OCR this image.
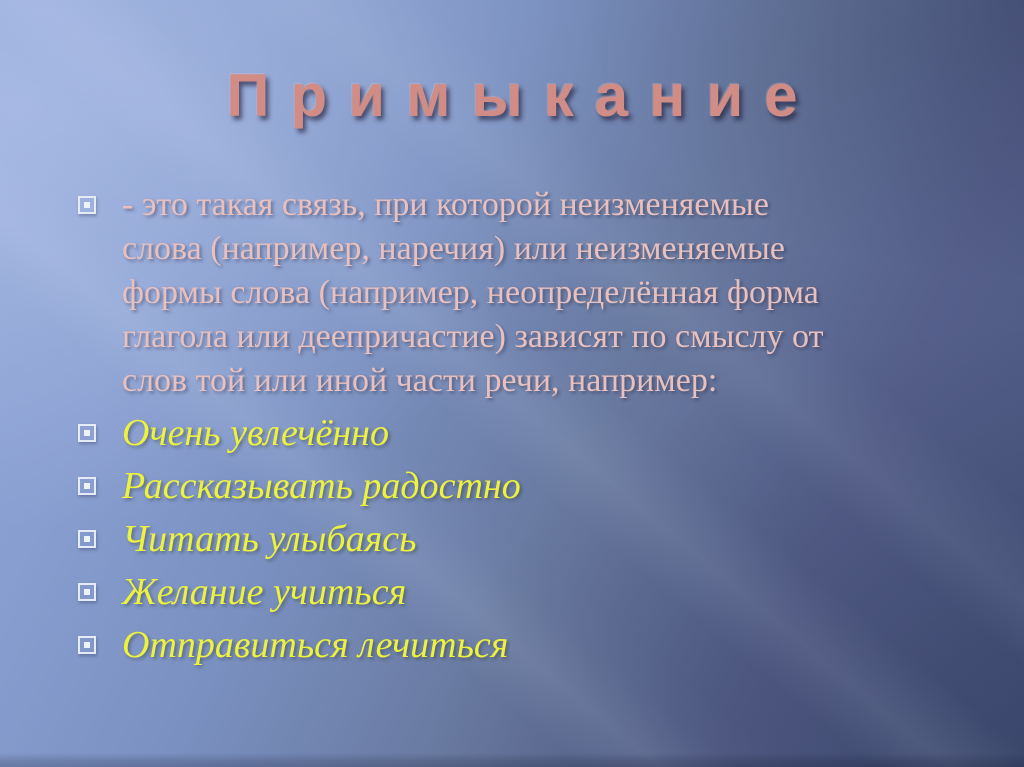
Примыкание
- это такая связь, при которой неизменяемые
слова (например, наречия) или неизменяемые
формы слова (например, неопределённая форма
глагола или деепричастие) зависят по смыслу от
слов той или иной части речи, например:
Очень увлечённо
Рассказывать радостно
Читать улыбаясь
Желание учиться
Отправиться лечиться
